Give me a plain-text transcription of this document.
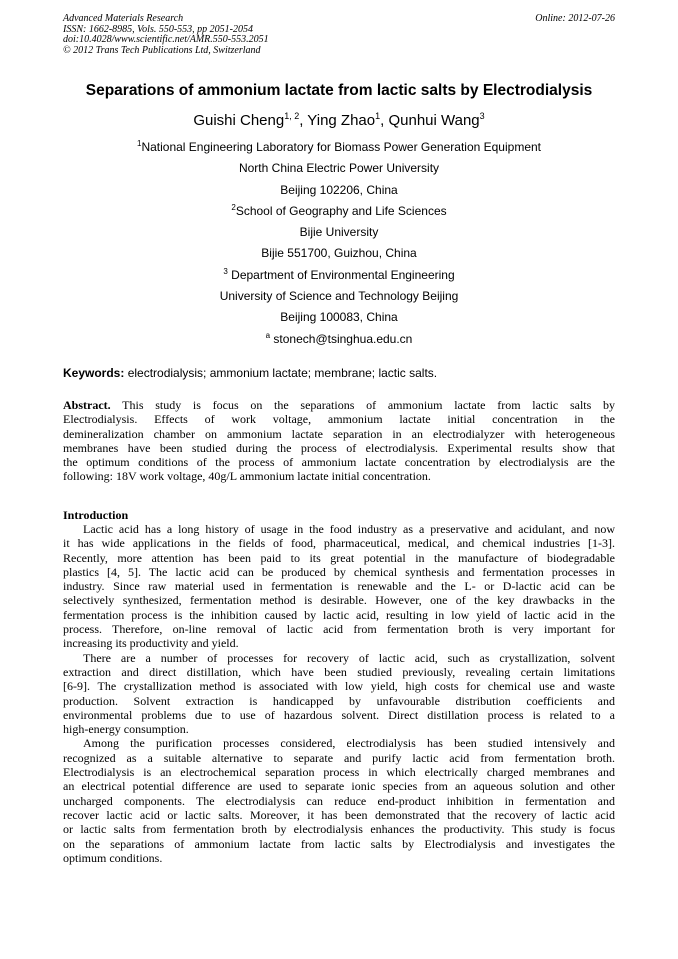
Advanced Materials Research
ISSN: 1662-8985, Vols. 550-553, pp 2051-2054
doi:10.4028/www.scientific.net/AMR.550-553.2051
© 2012 Trans Tech Publications Ltd, Switzerland
Online: 2012-07-26
Separations of ammonium lactate from lactic salts by Electrodialysis
Guishi Cheng$^{1, 2}$, Ying Zhao$^1$, Qunhui Wang$^3$
$^1$National Engineering Laboratory for Biomass Power Generation Equipment
North China Electric Power University
Beijing 102206, China
$^2$School of Geography and Life Sciences
Bijie University
Bijie 551700, Guizhou, China
$^3$ Department of Environmental Engineering
University of Science and Technology Beijing
Beijing 100083, China
$^a$ stonech@tsinghua.edu.cn
Keywords: electrodialysis; ammonium lactate; membrane; lactic salts.
Abstract. This study is focus on the separations of ammonium lactate from lactic salts by
Electrodialysis. Effects of work voltage, ammonium lactate initial concentration in the
demineralization chamber on ammonium lactate separation in an electrodialyzer with heterogeneous
membranes have been studied during the process of electrodialysis. Experimental results show that
the optimum conditions of the process of ammonium lactate concentration by electrodialysis are the
following: 18V work voltage, 40g/L ammonium lactate initial concentration.
Introduction
Lactic acid has a long history of usage in the food industry as a preservative and acidulant, and now
it has wide applications in the fields of food, pharmaceutical, medical, and chemical industries [1-3].
Recently, more attention has been paid to its great potential in the manufacture of biodegradable
plastics [4, 5]. The lactic acid can be produced by chemical synthesis and fermentation processes in
industry. Since raw material used in fermentation is renewable and the L- or D-lactic acid can be
selectively synthesized, fermentation method is desirable. However, one of the key drawbacks in the
fermentation process is the inhibition caused by lactic acid, resulting in low yield of lactic acid in the
process. Therefore, on-line removal of lactic acid from fermentation broth is very important for
increasing its productivity and yield.
There are a number of processes for recovery of lactic acid, such as crystallization, solvent
extraction and direct distillation, which have been studied previously, revealing certain limitations
[6-9]. The crystallization method is associated with low yield, high costs for chemical use and waste
production. Solvent extraction is handicapped by unfavourable distribution coefficients and
environmental problems due to use of hazardous solvent. Direct distillation process is related to a
high-energy consumption.
Among the purification processes considered, electrodialysis has been studied intensively and
recognized as a suitable alternative to separate and purify lactic acid from fermentation broth.
Electrodialysis is an electrochemical separation process in which electrically charged membranes and
an electrical potential difference are used to separate ionic species from an aqueous solution and other
uncharged components. The electrodialysis can reduce end-product inhibition in fermentation and
recover lactic acid or lactic salts. Moreover, it has been demonstrated that the recovery of lactic acid
or lactic salts from fermentation broth by electrodialysis enhances the productivity. This study is focus
on the separations of ammonium lactate from lactic salts by Electrodialysis and investigates the
optimum conditions.
